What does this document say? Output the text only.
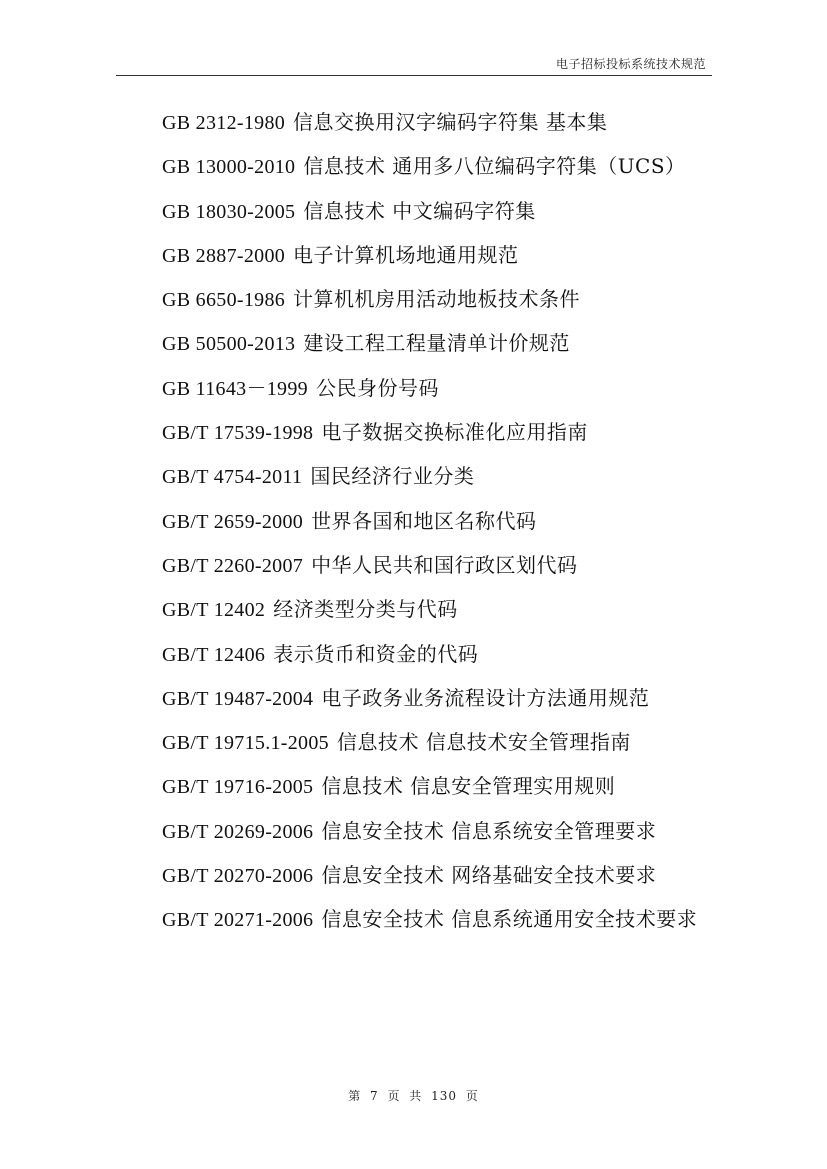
电子招标投标系统技术规范

GB 2312-1980 信息交换用汉字编码字符集 基本集

GB 13000-2010 信息技术 通用多八位编码字符集（UCS）

GB 18030-2005 信息技术 中文编码字符集

GB 2887-2000 电子计算机场地通用规范

GB 6650-1986 计算机机房用活动地板技术条件

GB 50500-2013 建设工程工程量清单计价规范

GB 11643－1999 公民身份号码

GB/T 17539-1998 电子数据交换标准化应用指南

GB/T 4754-2011 国民经济行业分类

GB/T 2659-2000 世界各国和地区名称代码

GB/T 2260-2007 中华人民共和国行政区划代码

GB/T 12402 经济类型分类与代码

GB/T 12406 表示货币和资金的代码

GB/T 19487-2004 电子政务业务流程设计方法通用规范

GB/T 19715.1-2005 信息技术 信息技术安全管理指南

GB/T 19716-2005 信息技术 信息安全管理实用规则

GB/T 20269-2006 信息安全技术 信息系统安全管理要求

GB/T 20270-2006 信息安全技术 网络基础安全技术要求

GB/T 20271-2006 信息安全技术 信息系统通用安全技术要求

第 7 页 共 130 页
